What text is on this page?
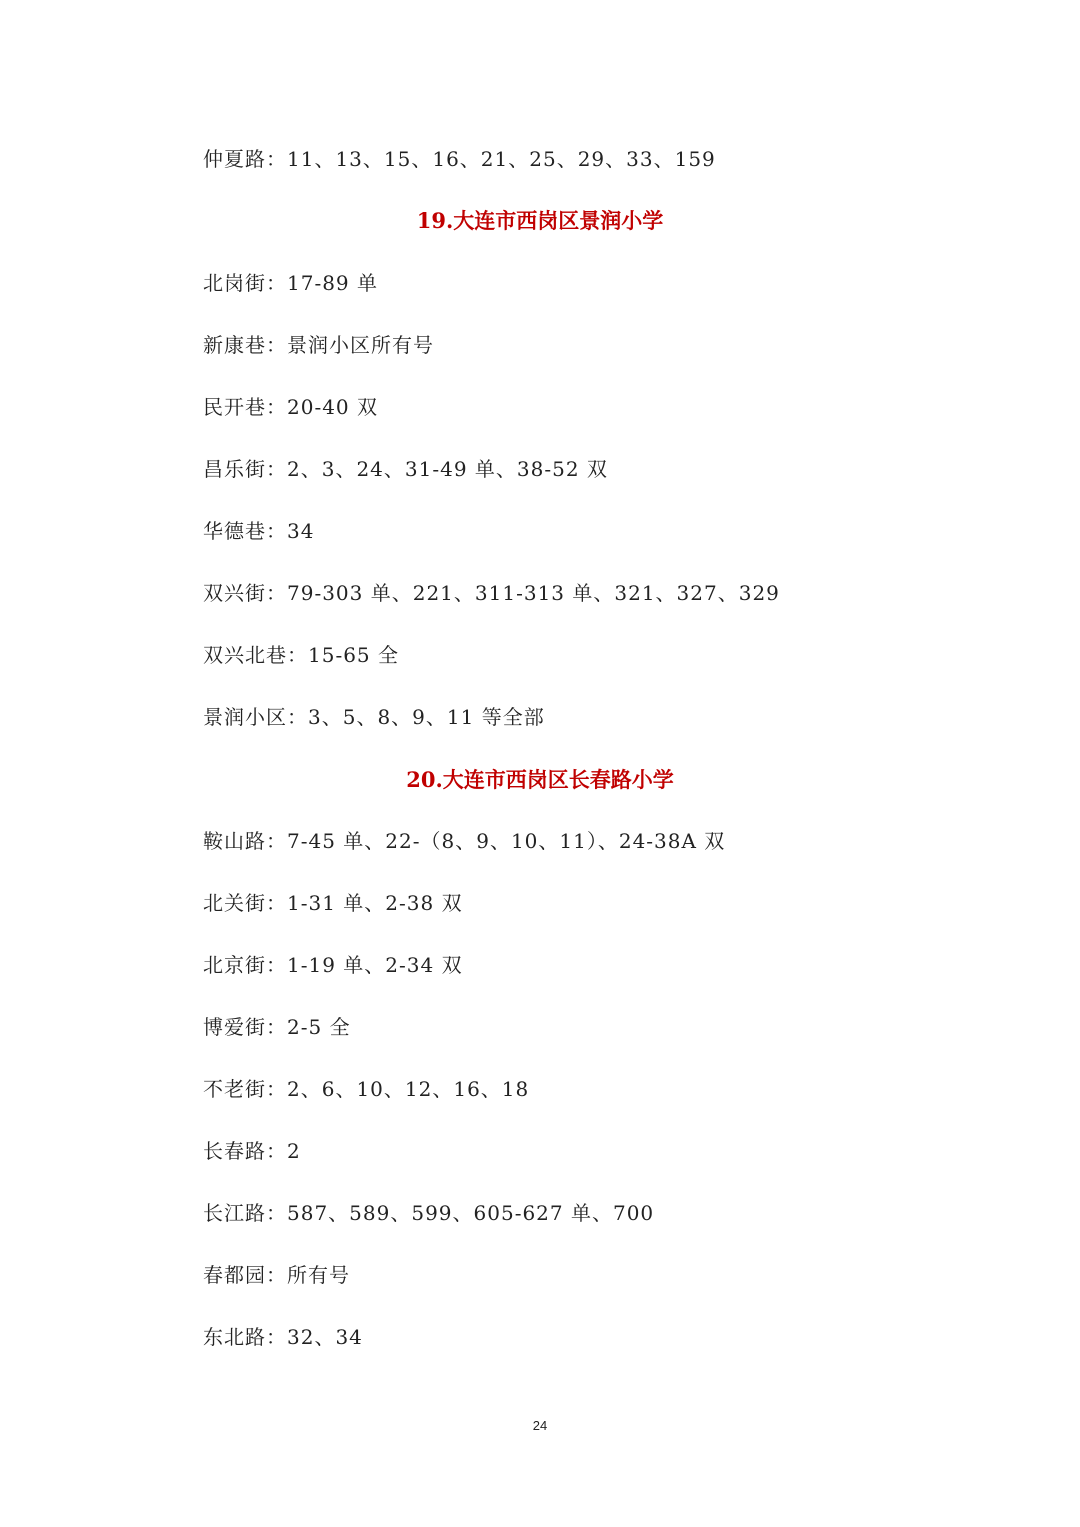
仲夏路：11、13、15、16、21、25、29、33、159
19.大连市西岗区景润小学
北岗街：17-89 单
新康巷：景润小区所有号
民开巷：20-40 双
昌乐街：2、3、24、31-49 单、38-52 双
华德巷：34
双兴街：79-303 单、221、311-313 单、321、327、329
双兴北巷：15-65 全
景润小区：3、5、8、9、11 等全部
20.大连市西岗区长春路小学
鞍山路：7-45 单、22-（8、9、10、11）、24-38A 双
北关街：1-31 单、2-38 双
北京街：1-19 单、2-34 双
博爱街：2-5 全
不老街：2、6、10、12、16、18
长春路：2
长江路：587、589、599、605-627 单、700
春都园：所有号
东北路：32、34
24
